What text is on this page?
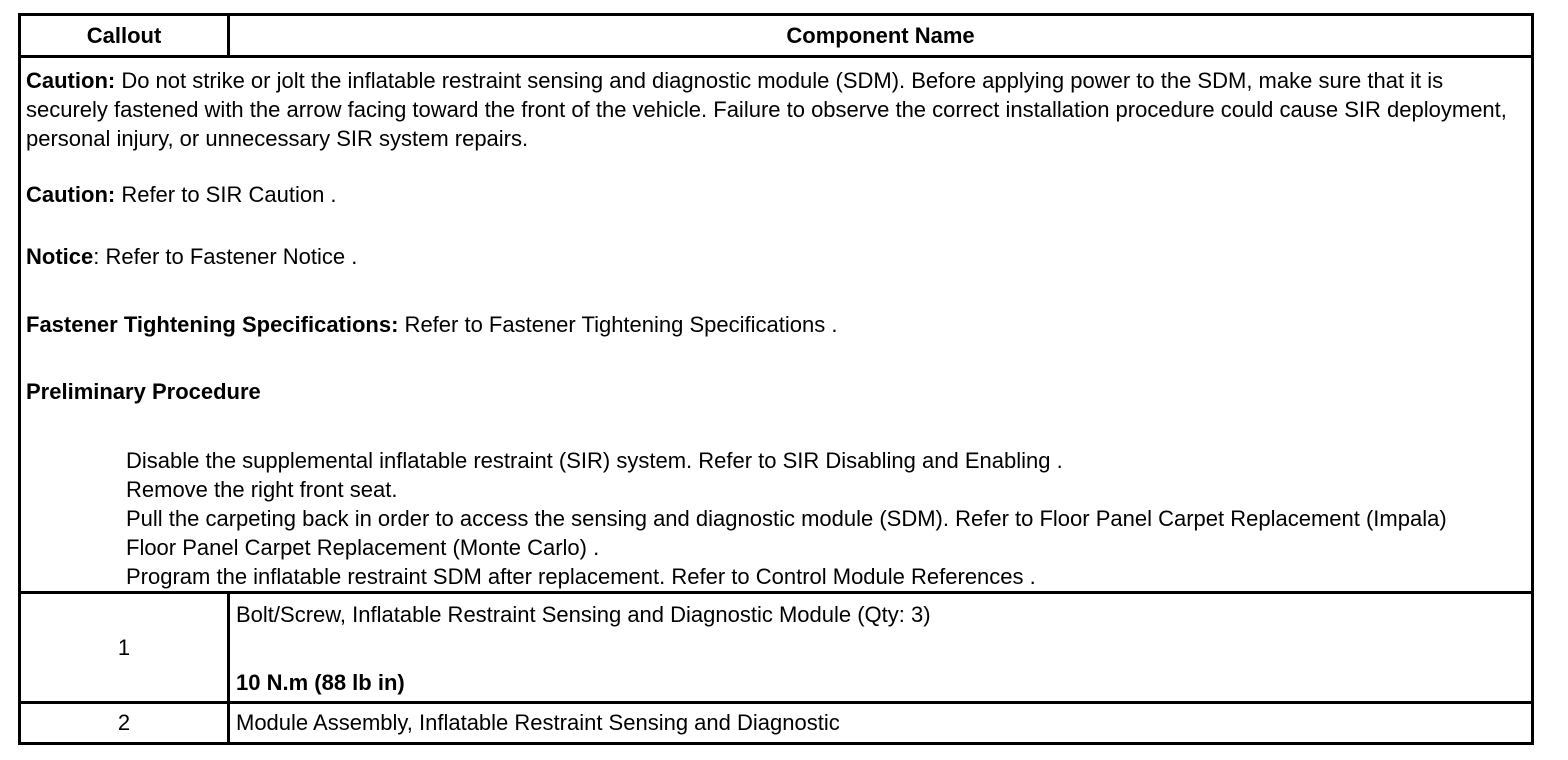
Callout	Component Name

Caution: Do not strike or jolt the inflatable restraint sensing and diagnostic module (SDM). Before applying power to the SDM, make sure that it is securely fastened with the arrow facing toward the front of the vehicle. Failure to observe the correct installation procedure could cause SIR deployment, personal injury, or unnecessary SIR system repairs.

Caution: Refer to SIR Caution .

Notice: Refer to Fastener Notice .

Fastener Tightening Specifications: Refer to Fastener Tightening Specifications .

Preliminary Procedure

Disable the supplemental inflatable restraint (SIR) system. Refer to SIR Disabling and Enabling .
Remove the right front seat.
Pull the carpeting back in order to access the sensing and diagnostic module (SDM). Refer to Floor Panel Carpet Replacement (Impala) Floor Panel Carpet Replacement (Monte Carlo) .
Program the inflatable restraint SDM after replacement. Refer to Control Module References .
1
Bolt/Screw, Inflatable Restraint Sensing and Diagnostic Module (Qty: 3)
10 N.m (88 lb in)
2	Module Assembly, Inflatable Restraint Sensing and Diagnostic
